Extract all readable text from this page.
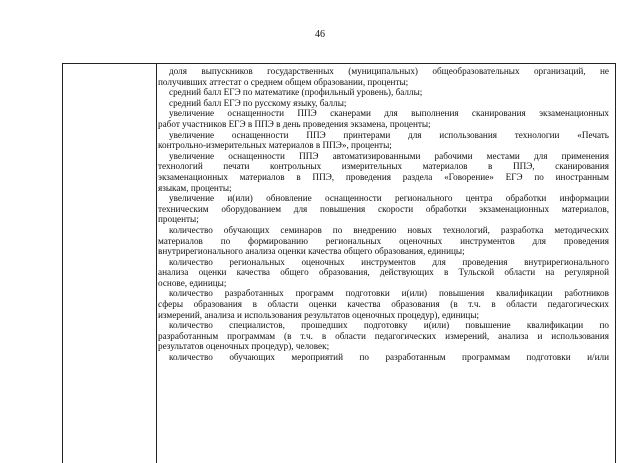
46
доля выпускников государственных (муниципальных) общеобразовательных организаций, не
получивших аттестат о среднем общем образовании, проценты;
средний балл ЕГЭ по математике (профильный уровень), баллы;
средний балл ЕГЭ по русскому языку, баллы;
увеличение оснащенности ППЭ сканерами для выполнения сканирования экзаменационных
работ участников ЕГЭ в ППЭ в день проведения экзамена, проценты;
увеличение оснащенности ППЭ принтерами для использования технологии «Печать
контрольно-измерительных материалов в ППЭ», проценты;
увеличение оснащенности ППЭ автоматизированными рабочими местами для применения
технологий печати контрольных измерительных материалов в ППЭ, сканирования
экзаменационных материалов в ППЭ, проведения раздела «Говорение» ЕГЭ по иностранным
языкам, проценты;
увеличение и(или) обновление оснащенности регионального центра обработки информации
техническим оборудованием для повышения скорости обработки экзаменационных материалов,
проценты;
количество обучающих семинаров по внедрению новых технологий, разработка методических
материалов по формированию региональных оценочных инструментов для проведения
внутрирегионального анализа оценки качества общего образования, единицы;
количество региональных оценочных инструментов для проведения внутрирегионального
анализа оценки качества общего образования, действующих в Тульской области на регулярной
основе, единицы;
количество разработанных программ подготовки и(или) повышения квалификации работников
сферы образования в области оценки качества образования (в т.ч. в области педагогических
измерений, анализа и использования результатов оценочных процедур), единицы;
количество специалистов, прошедших подготовку и(или) повышение квалификации по
разработанным программам (в т.ч. в области педагогических измерений, анализа и использования
результатов оценочных процедур), человек;
количество обучающих мероприятий по разработанным программам подготовки и/или
